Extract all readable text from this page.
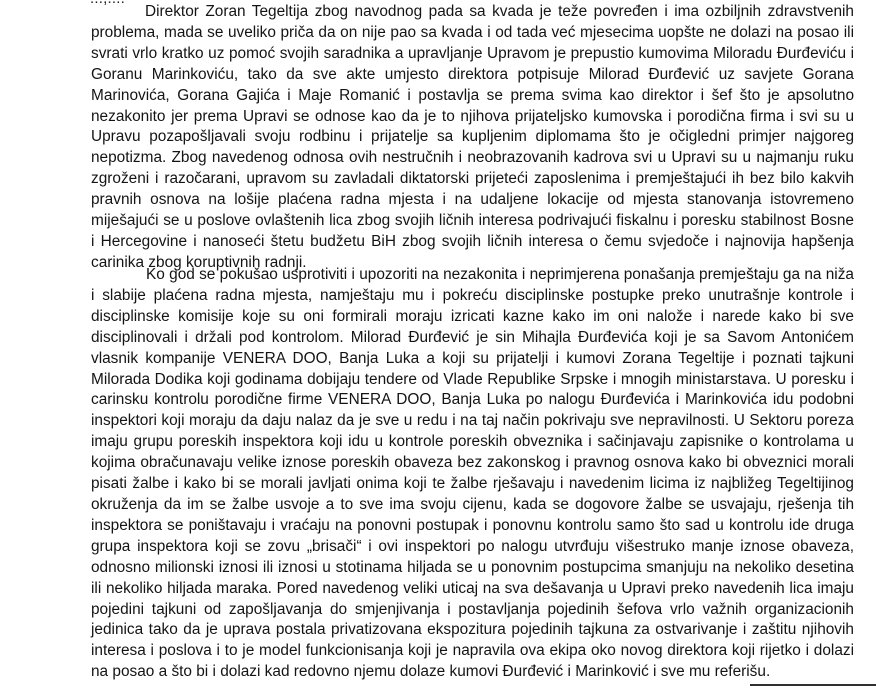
Direktor Zoran Tegeltija zbog navodnog pada sa kvada je teže povređen i ima ozbiljnih zdravstvenih problema, mada se uveliko priča da on nije pao sa kvada i od tada već mjesecima uopšte ne dolazi na posao ili svrati vrlo kratko uz pomoć svojih saradnika a upravljanje Upravom je prepustio kumovima Miloradu Đurđeviću i Goranu Marinkoviću, tako da sve akte umjesto direktora potpisuje Milorad Đurđević uz savjete Gorana Marinovića, Gorana Gajića i Maje Romanić i postavlja se prema svima kao direktor i šef što je apsolutno nezakonito jer prema Upravi se odnose kao da je to njihova prijateljsko kumovska i porodična firma i svi su u Upravu pozapošljavali svoju rodbinu i prijatelje sa kupljenim diplomama što je očigledni primjer najgoreg nepotizma. Zbog navedenog odnosa ovih nestručnih i neobrazovanih kadrova svi u Upravi su u najmanju ruku zgroženi i razočarani, upravom su zavladali diktatorski prijeteći zaposlenima i premještajući ih bez bilo kakvih pravnih osnova na lošije plaćena radna mjesta i na udaljene lokacije od mjesta stanovanja istovremeno miješajući se u poslove ovlaštenih lica zbog svojih ličnih interesa podrivajući fiskalnu i poresku stabilnost Bosne i Hercegovine i nanoseći štetu budžetu BiH zbog svojih ličnih interesa o čemu svjedoče i najnovija hapšenja carinika zbog koruptivnih radnji.

Ko god se pokušao usprotiviti i upozoriti na nezakonita i neprimjerena ponašanja premještaju ga na niža i slabije plaćena radna mjesta, namještaju mu i pokreću disciplinske postupke preko unutrašnje kontrole i disciplinske komisije koje su oni formirali moraju izricati kazne kako im oni nalože i narede kako bi sve disciplinovali i držali pod kontrolom. Milorad Đurđević je sin Mihajla Đurđevića koji je sa Savom Antonićem vlasnik kompanije VENERA DOO, Banja Luka a koji su prijatelji i kumovi Zorana Tegeltije i poznati tajkuni Milorada Dodika koji godinama dobijaju tendere od Vlade Republike Srpske i mnogih ministarstava. U poresku i carinsku kontrolu porodične firme VENERA DOO, Banja Luka po nalogu Đurđevića i Marinkovića idu podobni inspektori koji moraju da daju nalaz da je sve u redu i na taj način pokrivaju sve nepravilnosti. U Sektoru poreza imaju grupu poreskih inspektora koji idu u kontrole poreskih obveznika i sačinjavaju zapisnike o kontrolama u kojima obračunavaju velike iznose poreskih obaveza bez zakonskog i pravnog osnova kako bi obveznici morali pisati žalbe i kako bi se morali javljati onima koji te žalbe rješavaju i navedenim licima iz najbližeg Tegeltijinog okruženja da im se žalbe usvoje a to sve ima svoju cijenu, kada se dogovore žalbe se usvajaju, rješenja tih inspektora se poništavaju i vraćaju na ponovni postupak i ponovnu kontrolu samo što sad u kontrolu ide druga grupa inspektora koji se zovu „brisači“ i ovi inspektori po nalogu utvrđuju višestruko manje iznose obaveza, odnosno milionski iznosi ili iznosi u stotinama hiljada se u ponovnim postupcima smanjuju na nekoliko desetina ili nekoliko hiljada maraka. Pored navedenog veliki uticaj na sva dešavanja u Upravi preko navedenih lica imaju pojedini tajkuni od zapošljavanja do smjenjivanja i postavljanja pojedinih šefova vrlo važnih organizacionih jedinica tako da je uprava postala privatizovana ekspozitura pojedinih tajkuna za ostvarivanje i zaštitu njihovih interesa i poslova i to je model funkcionisanja koji je napravila ova ekipa oko novog direktora koji rijetko i dolazi na posao a što bi i dolazi kad redovno njemu dolaze kumovi Đurđević i Marinković i sve mu referišu.
